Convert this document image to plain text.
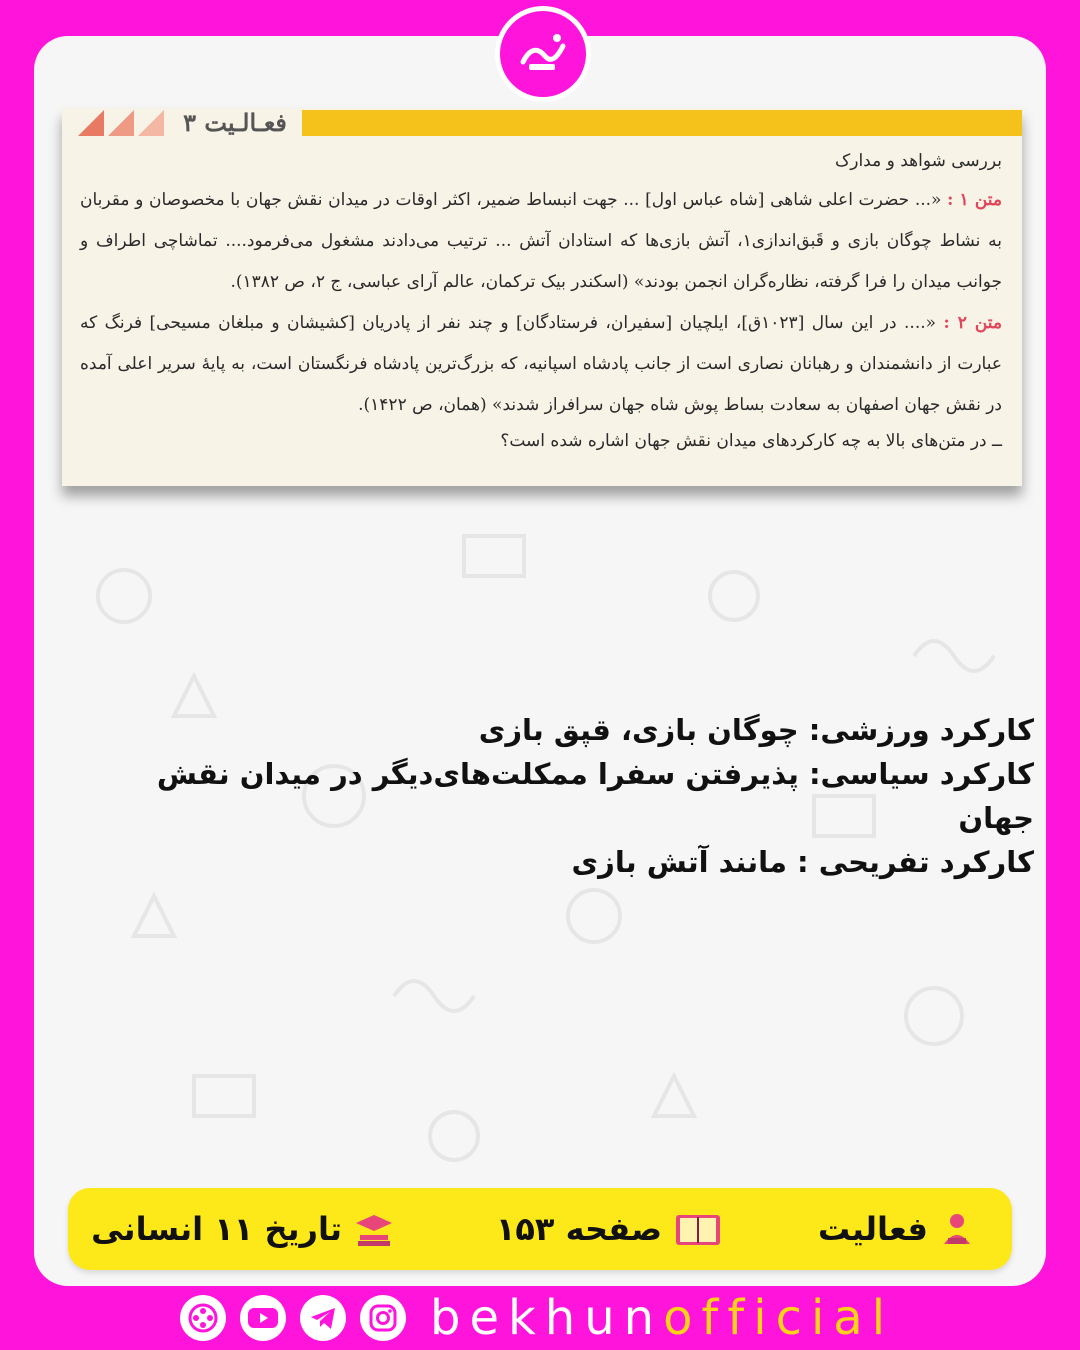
فعـالـیت ۳

بررسی شواهد و مدارک

متن ۱ : «... حضرت اعلی شاهی [شاه عباس اول] ... جهت انبساط ضمیر، اکثر اوقات در میدان نقش جهان با مخصوصان و مقربان به نشاط چوگان بازی و قَبق‌اندازی۱، آتش بازی‌ها که استادان آتش ... ترتیب می‌دادند مشغول می‌فرمود.... تماشاچی اطراف و جوانب میدان را فرا گرفته، نظاره‌گران انجمن بودند» (اسکندر بیک ترکمان، عالم آرای عباسی، ج ۲، ص ۱۳۸۲).

متن ۲ : «.... در این سال [۱۰۲۳ق]، ایلچیان [سفیران، فرستادگان] و چند نفر از پادریان [کشیشان و مبلغان مسیحی] فرنگ که عبارت از دانشمندان و رهبانان نصاری است از جانب پادشاه اسپانیه، که بزرگ‌ترین پادشاه فرنگستان است، به پایهٔ سریر اعلی آمده در نقش جهان اصفهان به سعادت بساط پوش شاه جهان سرافراز شدند» (همان، ص ۱۴۲۲).

ــ در متن‌های بالا به چه کارکردهای میدان نقش جهان اشاره شده است؟

کارکرد ورزشی: چوگان بازی، قپق بازی
کارکرد سیاسی: پذیرفتن سفرا ممکلت‌های‌دیگر در میدان نقش جهان
کارکرد تفریحی : مانند آتش بازی
فعالیت
صفحه ۱۵۳
تاریخ ۱۱ انسانی
bekhunofficial
